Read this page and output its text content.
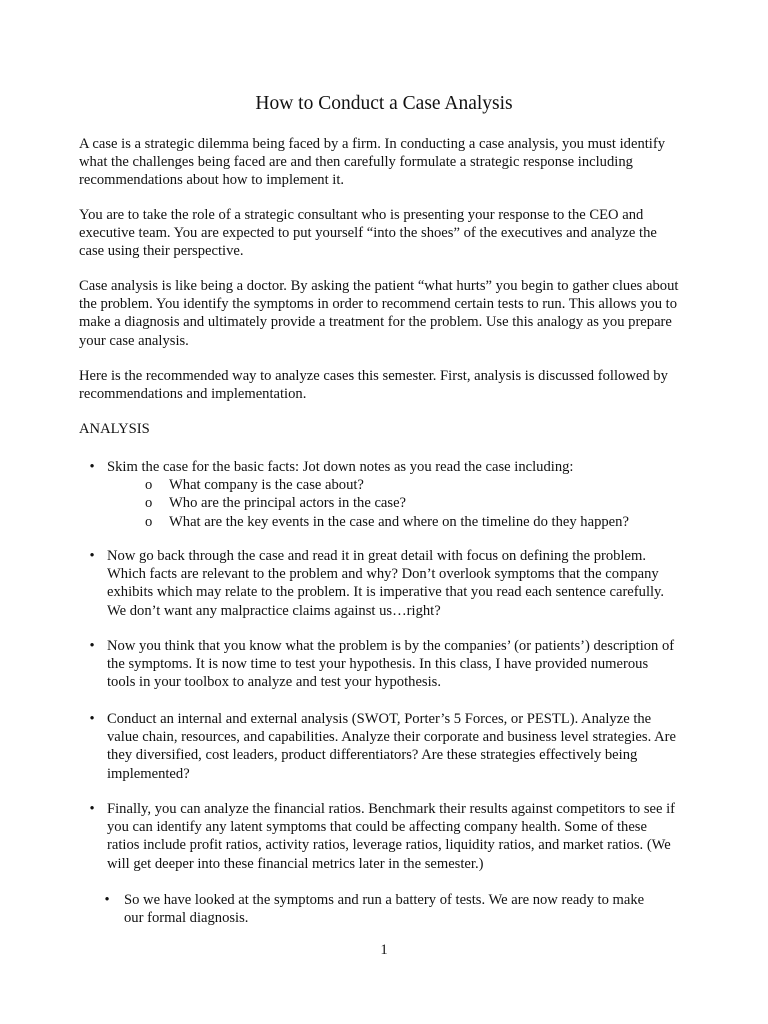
How to Conduct a Case Analysis

A case is a strategic dilemma being faced by a firm. In conducting a case analysis, you must identify what the challenges being faced are and then carefully formulate a strategic response including recommendations about how to implement it.

You are to take the role of a strategic consultant who is presenting your response to the CEO and executive team. You are expected to put yourself “into the shoes” of the executives and analyze the case using their perspective.

Case analysis is like being a doctor. By asking the patient “what hurts” you begin to gather clues about the problem. You identify the symptoms in order to recommend certain tests to run. This allows you to make a diagnosis and ultimately provide a treatment for the problem. Use this analogy as you prepare your case analysis.

Here is the recommended way to analyze cases this semester. First, analysis is discussed followed by recommendations and implementation.

ANALYSIS

• Skim the case for the basic facts: Jot down notes as you read the case including:
o What company is the case about?
o Who are the principal actors in the case?
o What are the key events in the case and where on the timeline do they happen?
• Now go back through the case and read it in great detail with focus on defining the problem. Which facts are relevant to the problem and why? Don’t overlook symptoms that the company exhibits which may relate to the problem. It is imperative that you read each sentence carefully. We don’t want any malpractice claims against us…right?
• Now you think that you know what the problem is by the companies’ (or patients’) description of the symptoms. It is now time to test your hypothesis. In this class, I have provided numerous tools in your toolbox to analyze and test your hypothesis.
• Conduct an internal and external analysis (SWOT, Porter’s 5 Forces, or PESTL). Analyze the value chain, resources, and capabilities. Analyze their corporate and business level strategies. Are they diversified, cost leaders, product differentiators? Are these strategies effectively being implemented?
• Finally, you can analyze the financial ratios. Benchmark their results against competitors to see if you can identify any latent symptoms that could be affecting company health. Some of these ratios include profit ratios, activity ratios, leverage ratios, liquidity ratios, and market ratios. (We will get deeper into these financial metrics later in the semester.)
• So we have looked at the symptoms and run a battery of tests. We are now ready to make our formal diagnosis.
1
